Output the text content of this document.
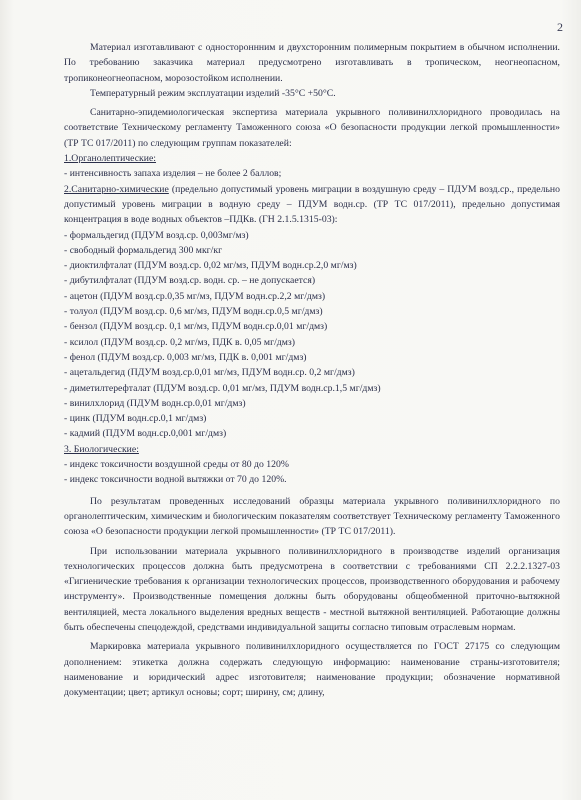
2

Материал изготавливают с одностороннним и двухсторонним полимерным покрытием в обычном исполнении. По требованию заказчика материал предусмотрено изготавливать в тропическом, неогнеопасном, тропиконеогнеопасном, морозостойком исполнении.

Температурный режим эксплуатации изделий -35°С +50°С.

Санитарно-эпидемиологическая экспертиза материала укрывного поливинилхлоридного проводилась на соответствие Техническому регламенту Таможенного союза «О безопасности продукции легкой промышленности» (ТР ТС 017/2011) по следующим группам показателей:

1.Органолептические:

- интенсивность запаха изделия – не более 2 баллов;

2.Санитарно-химические (предельно допустимый уровень миграции в воздушную среду – ПДУМ возд.ср., предельно допустимый уровень миграции в водную среду – ПДУМ водн.ср. (ТР ТС 017/2011), предельно допустимая концентрация в воде водных объектов –ПДКв. (ГН 2.1.5.1315-03):

- формальдегид (ПДУМ возд.ср. 0,003мг/мз)

- свободный формальдегид 300 мкг/кг

- диоктилфталат (ПДУМ возд.ср. 0,02 мг/мз, ПДУМ водн.ср.2,0 мг/мз)

- дибутилфталат (ПДУМ возд.ср. водн. ср. – не допускается)

- ацетон (ПДУМ возд.ср.0,35 мг/мз, ПДУМ водн.ср.2,2 мг/дмз)

- толуол (ПДУМ возд.ср. 0,6 мг/мз, ПДУМ водн.ср.0,5 мг/дмз)

- бензол (ПДУМ возд.ср. 0,1 мг/мз, ПДУМ водн.ср.0,01 мг/дмз)

- ксилол (ПДУМ возд.ср. 0,2 мг/мз, ПДК в. 0,05 мг/дмз)

- фенол (ПДУМ возд.ср. 0,003 мг/мз, ПДК в. 0,001 мг/дмз)

- ацетальдегид (ПДУМ возд.ср.0,01 мг/мз, ПДУМ водн.ср. 0,2 мг/дмз)

- диметилтерефталат (ПДУМ возд.ср. 0,01 мг/мз, ПДУМ водн.ср.1,5 мг/дмз)

- винилхлорид (ПДУМ водн.ср.0,01 мг/дмз)

- цинк (ПДУМ водн.ср.0,1 мг/дмз)

- кадмий (ПДУМ водн.ср.0,001 мг/дмз)

3. Биологические:

- индекс токсичности воздушной среды от 80 до 120%

- индекс токсичности водной вытяжки от 70 до 120%.

По результатам проведенных исследований образцы материала укрывного поливинилхлоридного по органолептическим, химическим и биологическим показателям соответствует Техническому регламенту Таможенного союза «О безопасности продукции легкой промышленности» (ТР ТС 017/2011).

При использовании материала укрывного поливинилхлоридного в производстве изделий организация технологических процессов должна быть предусмотрена в соответствии с требованиями СП 2.2.2.1327-03 «Гигиенические требования к организации технологических процессов, производственного оборудования и рабочему инструменту». Производственные помещения должны быть оборудованы общеобменной приточно-вытяжной вентиляцией, места локального выделения вредных веществ - местной вытяжной вентиляцией. Работающие должны быть обеспечены спецодеждой, средствами индивидуальной защиты согласно типовым отраслевым нормам.

Маркировка материала укрывного поливинилхлоридного осуществляется по ГОСТ 27175 со следующим дополнением: этикетка должна содержать следующую информацию: наименование страны-изготовителя; наименование и юридический адрес изготовителя; наименование продукции; обозначение нормативной документации; цвет; артикул основы; сорт; ширину, см; длину,
